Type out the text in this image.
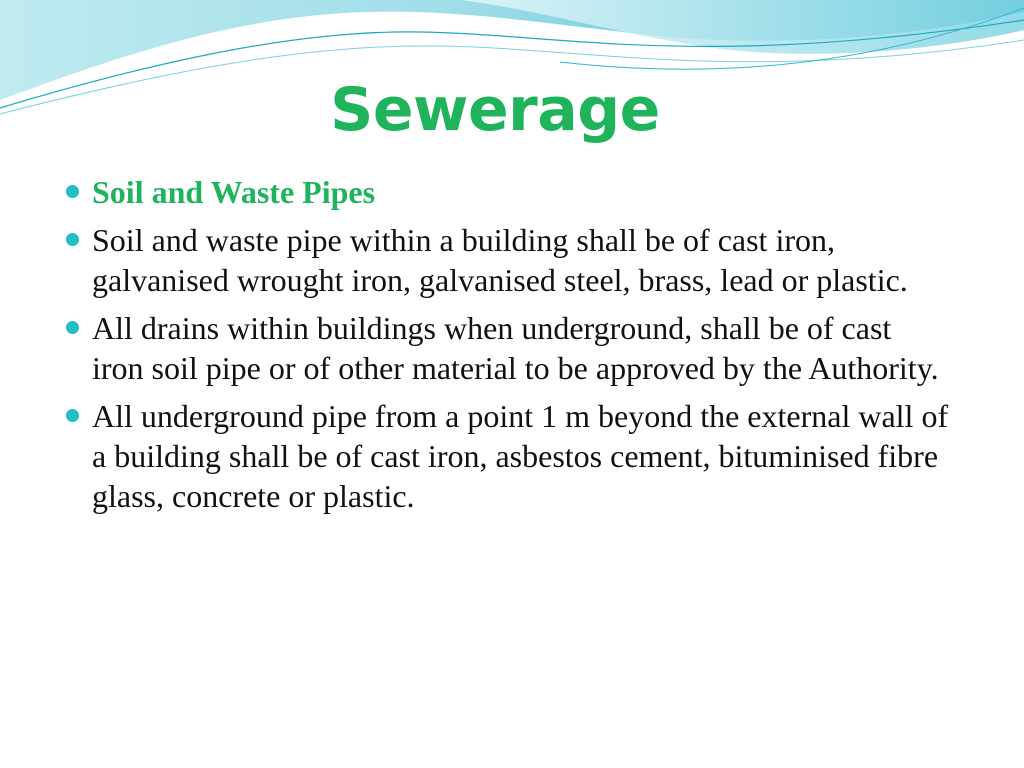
Sewerage
Soil and Waste Pipes
Soil and waste pipe within a building shall be of cast iron, galvanised wrought iron, galvanised steel, brass, lead or plastic.
All drains within buildings when underground, shall be of cast iron soil pipe or of other material to be approved by the Authority.
All underground pipe from a point 1 m beyond the external wall of a building shall be of cast iron, asbestos cement, bituminised fibre glass, concrete or plastic.
